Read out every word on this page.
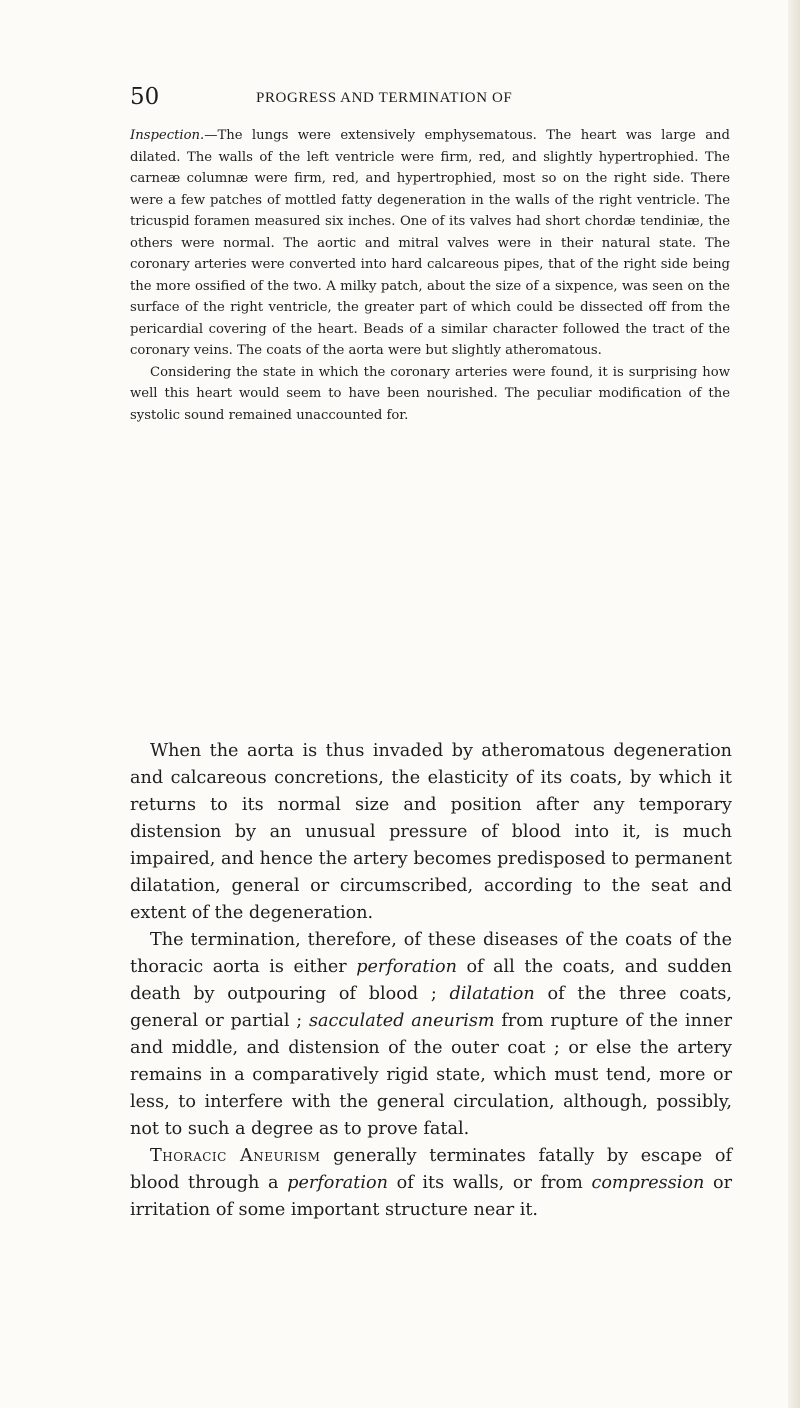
50	PROGRESS AND TERMINATION OF

Inspection.—The lungs were extensively emphysematous. The heart was large and dilated. The walls of the left ventricle were firm, red, and slightly hypertrophied. The carneæ columnæ were firm, red, and hypertrophied, most so on the right side. There were a few patches of mottled fatty degeneration in the walls of the right ventricle. The tricuspid foramen measured six inches. One of its valves had short chordæ tendiniæ, the others were normal. The aortic and mitral valves were in their natural state. The coronary arteries were converted into hard calcareous pipes, that of the right side being the more ossified of the two. A milky patch, about the size of a sixpence, was seen on the surface of the right ventricle, the greater part of which could be dissected off from the pericardial covering of the heart. Beads of a similar character followed the tract of the coronary veins. The coats of the aorta were but slightly atheromatous.

Considering the state in which the coronary arteries were found, it is surprising how well this heart would seem to have been nourished. The peculiar modification of the systolic sound remained unaccounted for.

When the aorta is thus invaded by atheromatous degeneration and calcareous concretions, the elasticity of its coats, by which it returns to its normal size and position after any temporary distension by an unusual pressure of blood into it, is much impaired, and hence the artery becomes predisposed to permanent dilatation, general or circumscribed, according to the seat and extent of the degeneration.

The termination, therefore, of these diseases of the coats of the thoracic aorta is either perforation of all the coats, and sudden death by outpouring of blood ; dilatation of the three coats, general or partial ; sacculated aneurism from rupture of the inner and middle, and distension of the outer coat ; or else the artery remains in a comparatively rigid state, which must tend, more or less, to interfere with the general circulation, although, possibly, not to such a degree as to prove fatal.

Thoracic Aneurism generally terminates fatally by escape of blood through a perforation of its walls, or from compression or irritation of some important structure near it.
